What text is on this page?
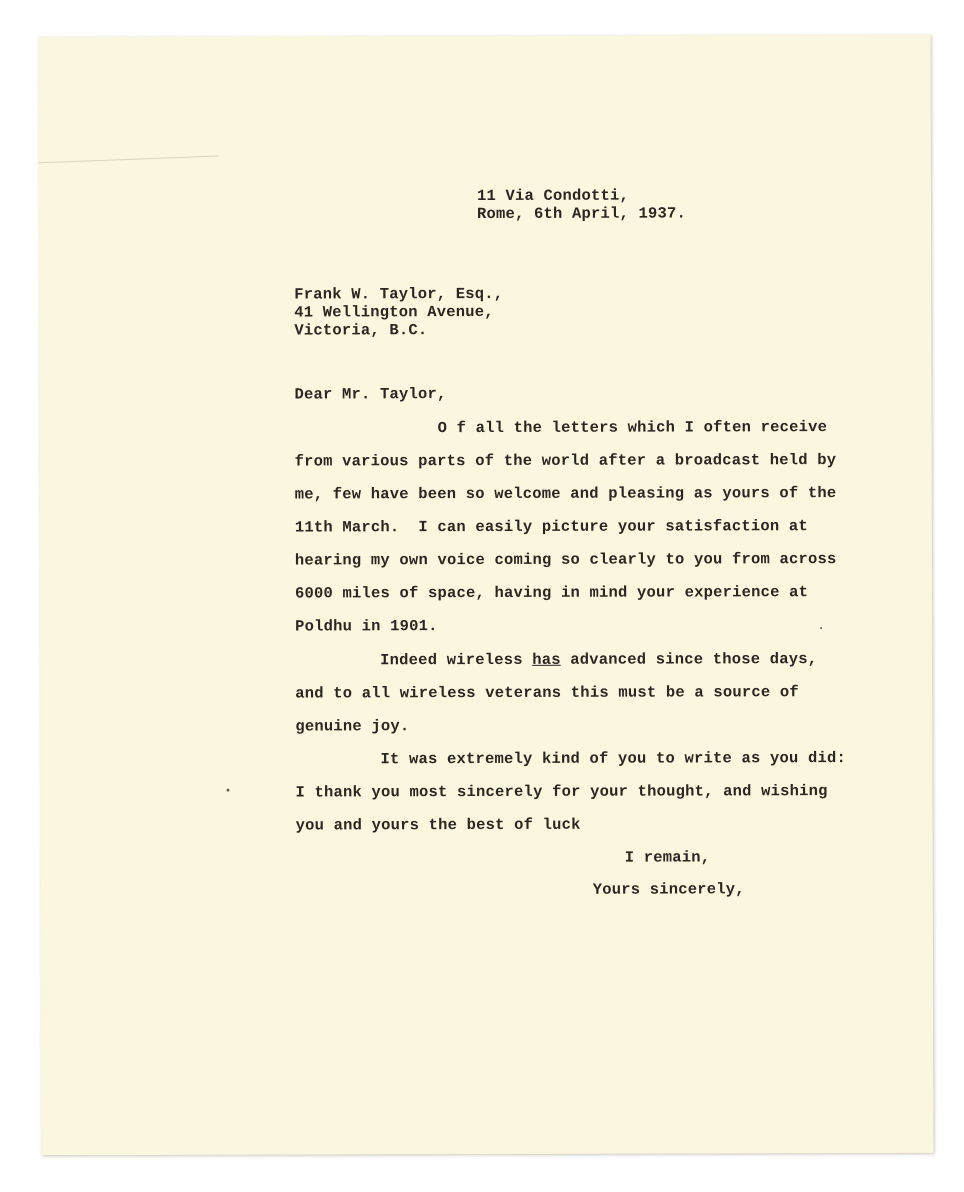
11 Via Condotti,

Rome, 6th April, 1937.

Frank W. Taylor, Esq.,

41 Wellington Avenue,

Victoria, B.C.

Dear Mr. Taylor,

O f all the letters which I often receive

from various parts of the world after a broadcast held by

me, few have been so welcome and pleasing as yours of the

11th March.  I can easily picture your satisfaction at

hearing my own voice coming so clearly to you from across

6000 miles of space, having in mind your experience at

Poldhu in 1901.

Indeed wireless has advanced since those days,

and to all wireless veterans this must be a source of

genuine joy.

It was extremely kind of you to write as you did:

I thank you most sincerely for your thought, and wishing

you and yours the best of luck

I remain,

Yours sincerely,
